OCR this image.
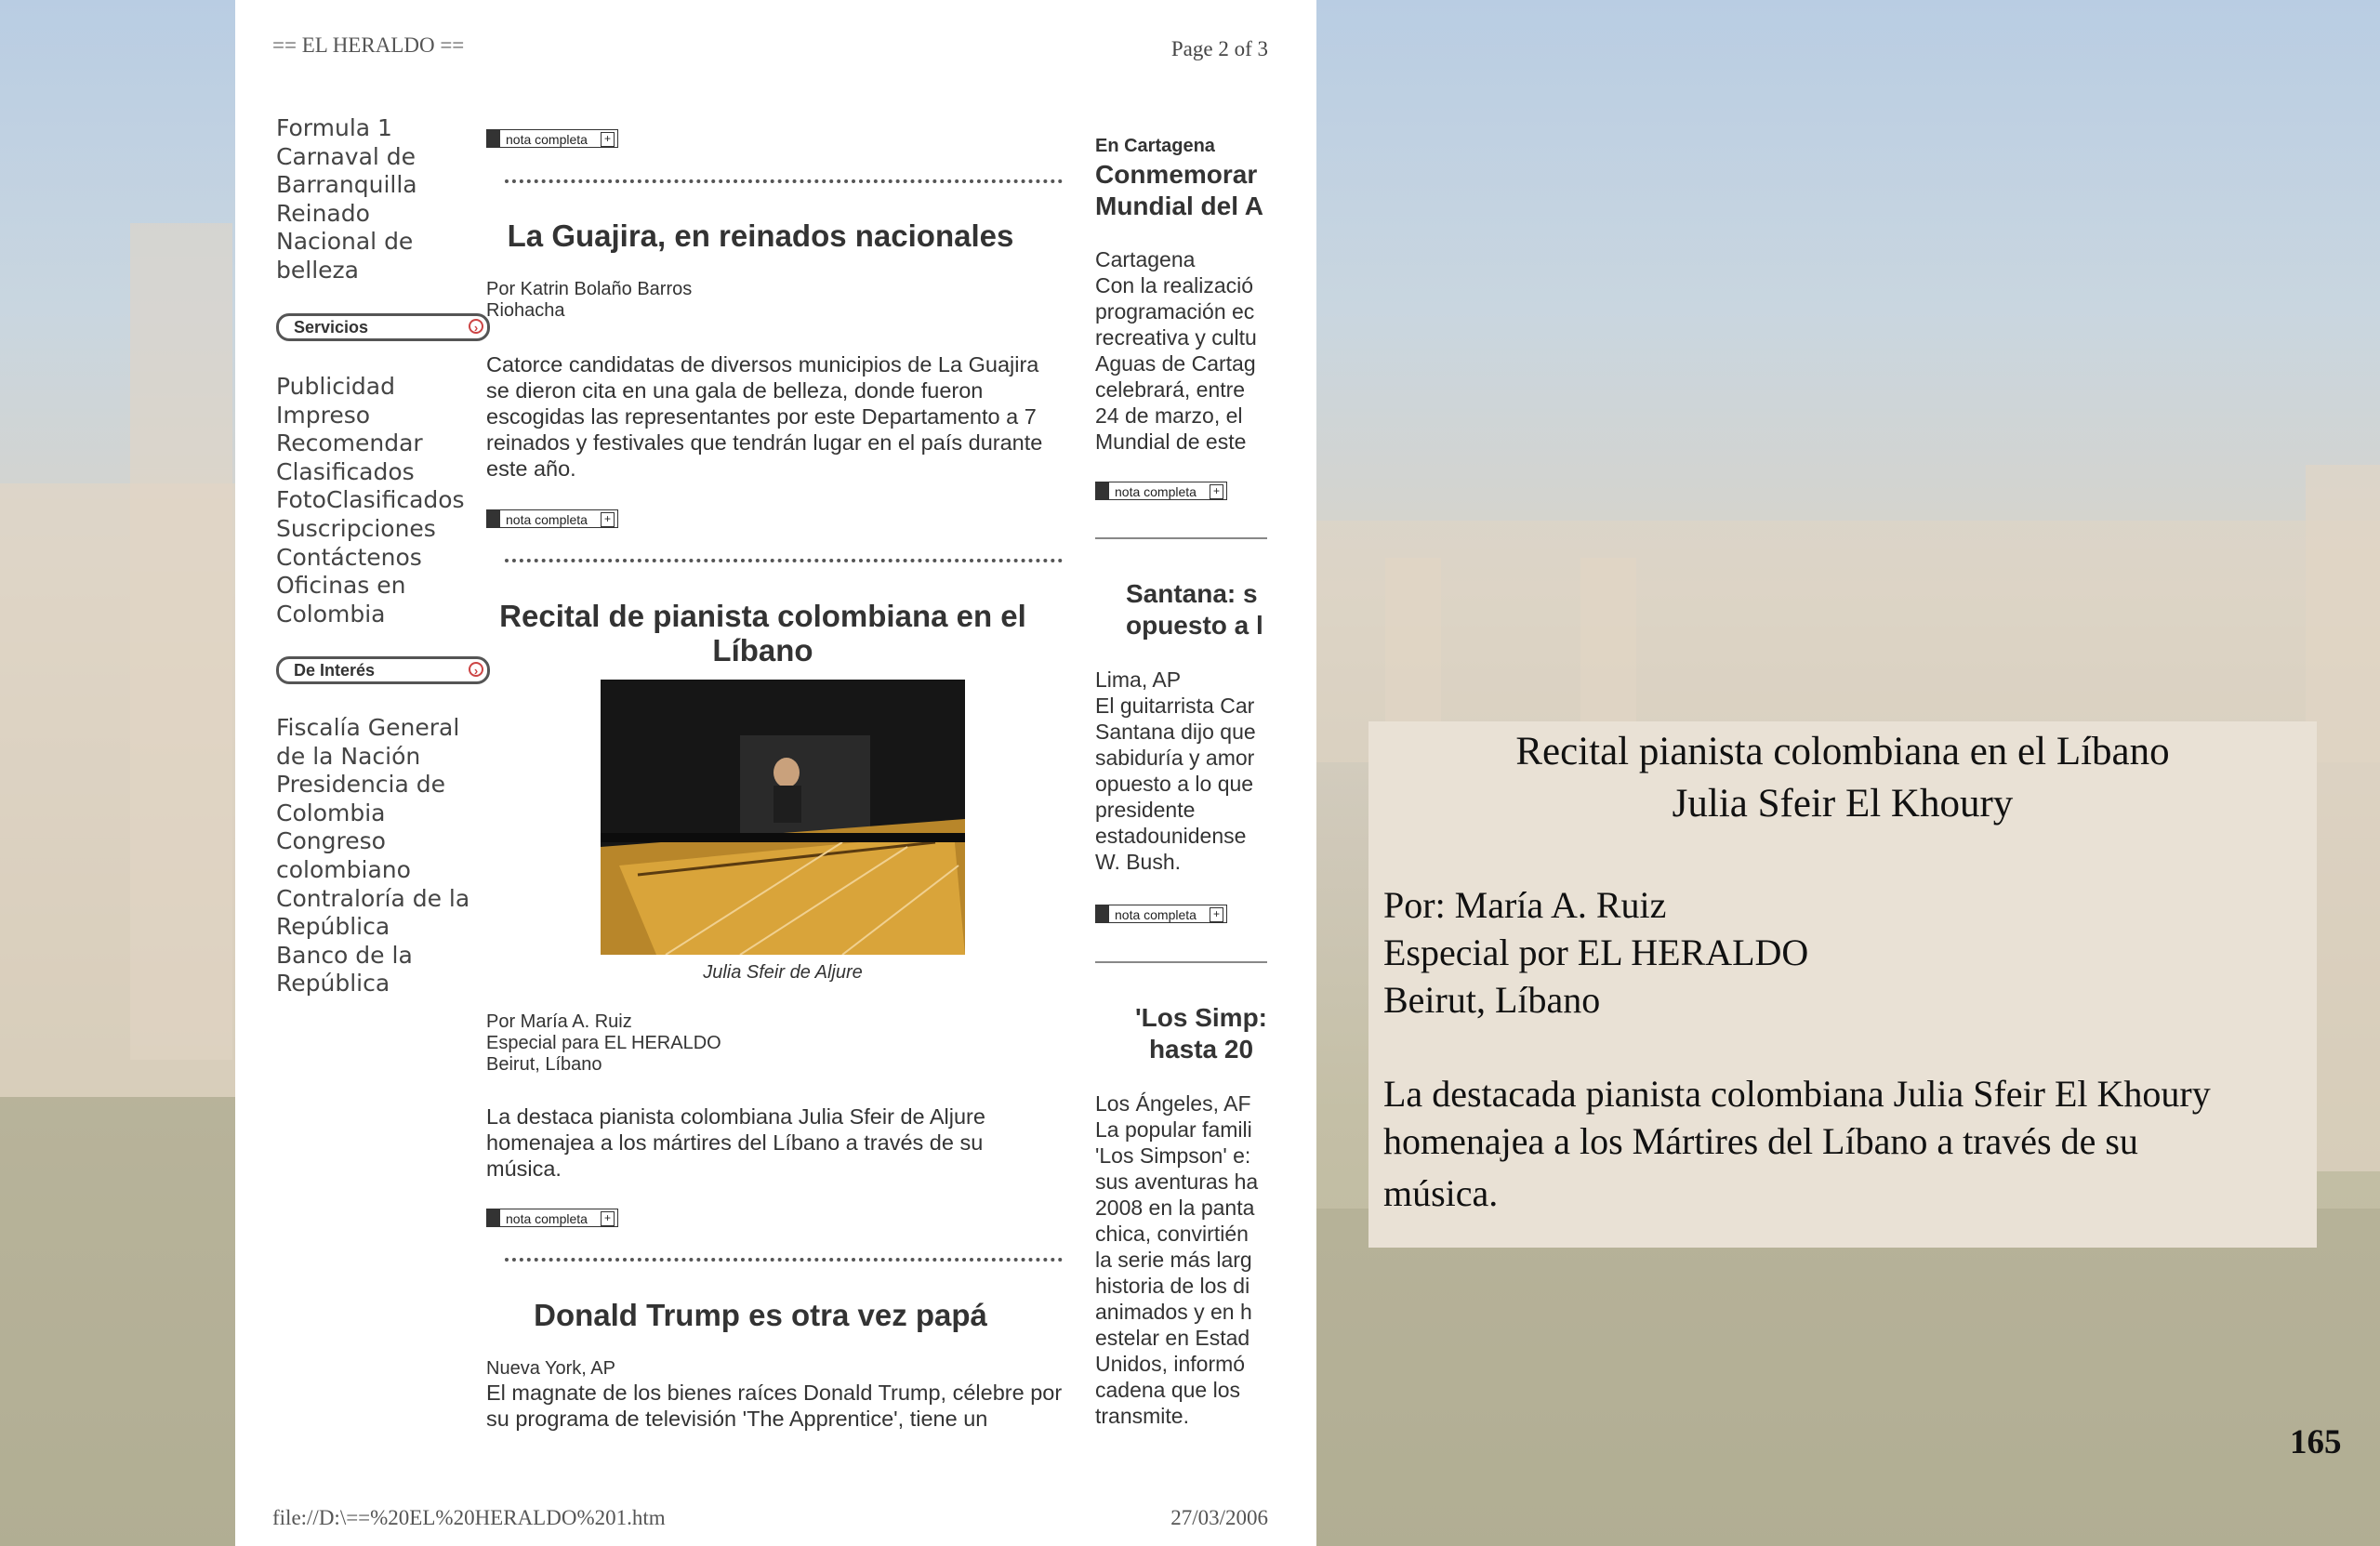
== EL HERALDO ==	Page 2 of 3
Formula 1
Carnaval de
Barranquilla
Reinado
Nacional de
belleza
Servicios	›
Publicidad
Impreso
Recomendar
Clasificados
FotoClasificados
Suscripciones
Contáctenos
Oficinas en
Colombia
De Interés	›
Fiscalía General
de la Nación
Presidencia de
Colombia
Congreso
colombiano
Contraloría de la
República
Banco de la
República
nota completa	+
La Guajira, en reinados nacionales
Por Katrin Bolaño Barros
Riohacha
Catorce candidatas de diversos municipios de La Guajira se dieron cita en una gala de belleza, donde fueron escogidas las representantes por este Departamento a 7 reinados y festivales que tendrán lugar en el país durante este año.
nota completa	+
Recital de pianista colombiana en el Líbano
Julia Sfeir de Aljure
Por María A. Ruiz
Especial para EL HERALDO
Beirut, Líbano
La destaca pianista colombiana Julia Sfeir de Aljure homenajea a los mártires del Líbano a través de su música.
nota completa	+
Donald Trump es otra vez papá
Nueva York, AP
El magnate de los bienes raíces Donald Trump, célebre por su programa de televisión 'The Apprentice', tiene un
En Cartagena
Conmemorar
Mundial del A
Cartagena
Con la realizació
programación ec
recreativa y cultu
Aguas de Cartag
celebrará, entre
24 de marzo, el
Mundial de este
nota completa	+
Santana: s
opuesto a l
Lima, AP
El guitarrista Car
Santana dijo que
sabiduría y amor
opuesto a lo que
presidente
estadounidense
W. Bush.
nota completa	+
'Los Simp:
hasta 20
Los Ángeles, AF
La popular famili
'Los Simpson' e:
sus aventuras ha
2008 en la panta
chica, convirtién
la serie más larg
historia de los di
animados y en h
estelar en Estad
Unidos, informó
cadena que los
transmite.
file://D:\==%20EL%20HERALDO%201.htm	27/03/2006
Recital pianista colombiana en el Líbano
Julia Sfeir El Khoury
Por: María A. Ruiz
Especial por EL HERALDO
Beirut, Líbano
La destacada pianista colombiana Julia Sfeir El Khoury
homenajea a los Mártires del Líbano a través de su
música.
165
